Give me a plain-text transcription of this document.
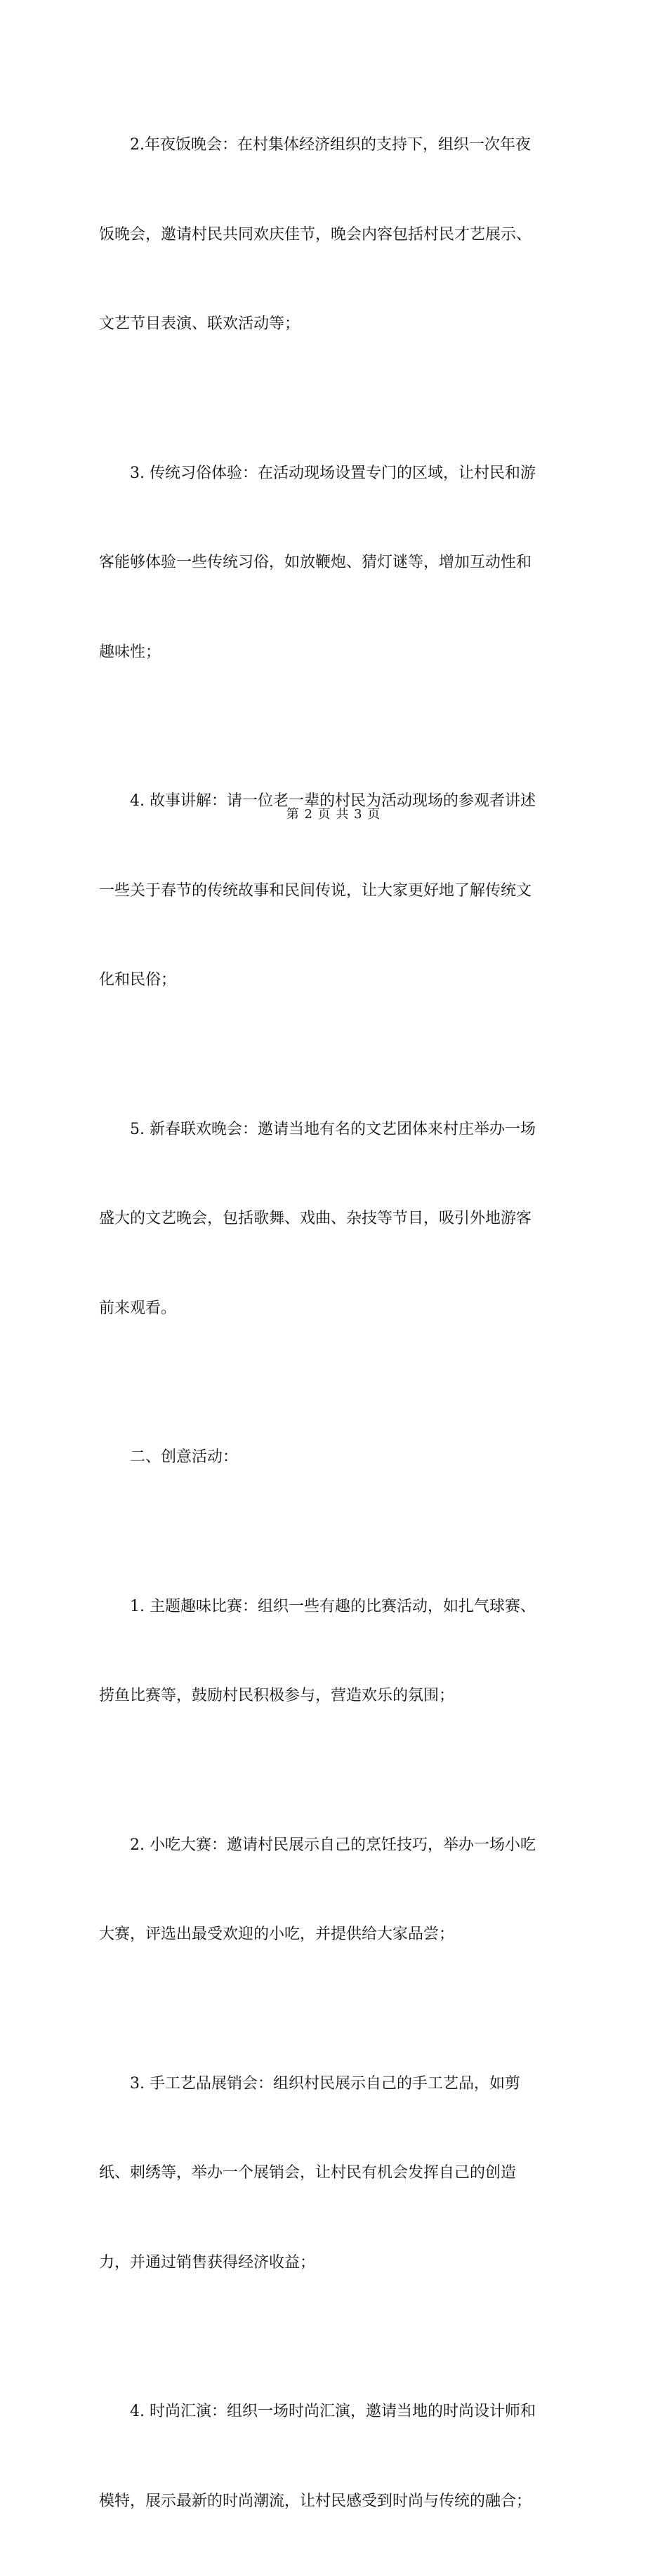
2.年夜饭晚会：在村集体经济组织的支持下，组织一次年夜

饭晚会，邀请村民共同欢庆佳节，晚会内容包括村民才艺展示、

文艺节目表演、联欢活动等；

3. 传统习俗体验：在活动现场设置专门的区域，让村民和游

客能够体验一些传统习俗，如放鞭炮、猜灯谜等，增加互动性和

趣味性；

4. 故事讲解：请一位老一辈的村民为活动现场的参观者讲述

一些关于春节的传统故事和民间传说，让大家更好地了解传统文

化和民俗；

5. 新春联欢晚会：邀请当地有名的文艺团体来村庄举办一场

盛大的文艺晚会，包括歌舞、戏曲、杂技等节目，吸引外地游客

前来观看。

二、创意活动：

1. 主题趣味比赛：组织一些有趣的比赛活动，如扎气球赛、

捞鱼比赛等，鼓励村民积极参与，营造欢乐的氛围；

2. 小吃大赛：邀请村民展示自己的烹饪技巧，举办一场小吃

大赛，评选出最受欢迎的小吃，并提供给大家品尝；

3. 手工艺品展销会：组织村民展示自己的手工艺品，如剪

纸、刺绣等，举办一个展销会，让村民有机会发挥自己的创造

力，并通过销售获得经济收益；

4. 时尚汇演：组织一场时尚汇演，邀请当地的时尚设计师和

模特，展示最新的时尚潮流，让村民感受到时尚与传统的融合；

第 2 页 共 3 页
